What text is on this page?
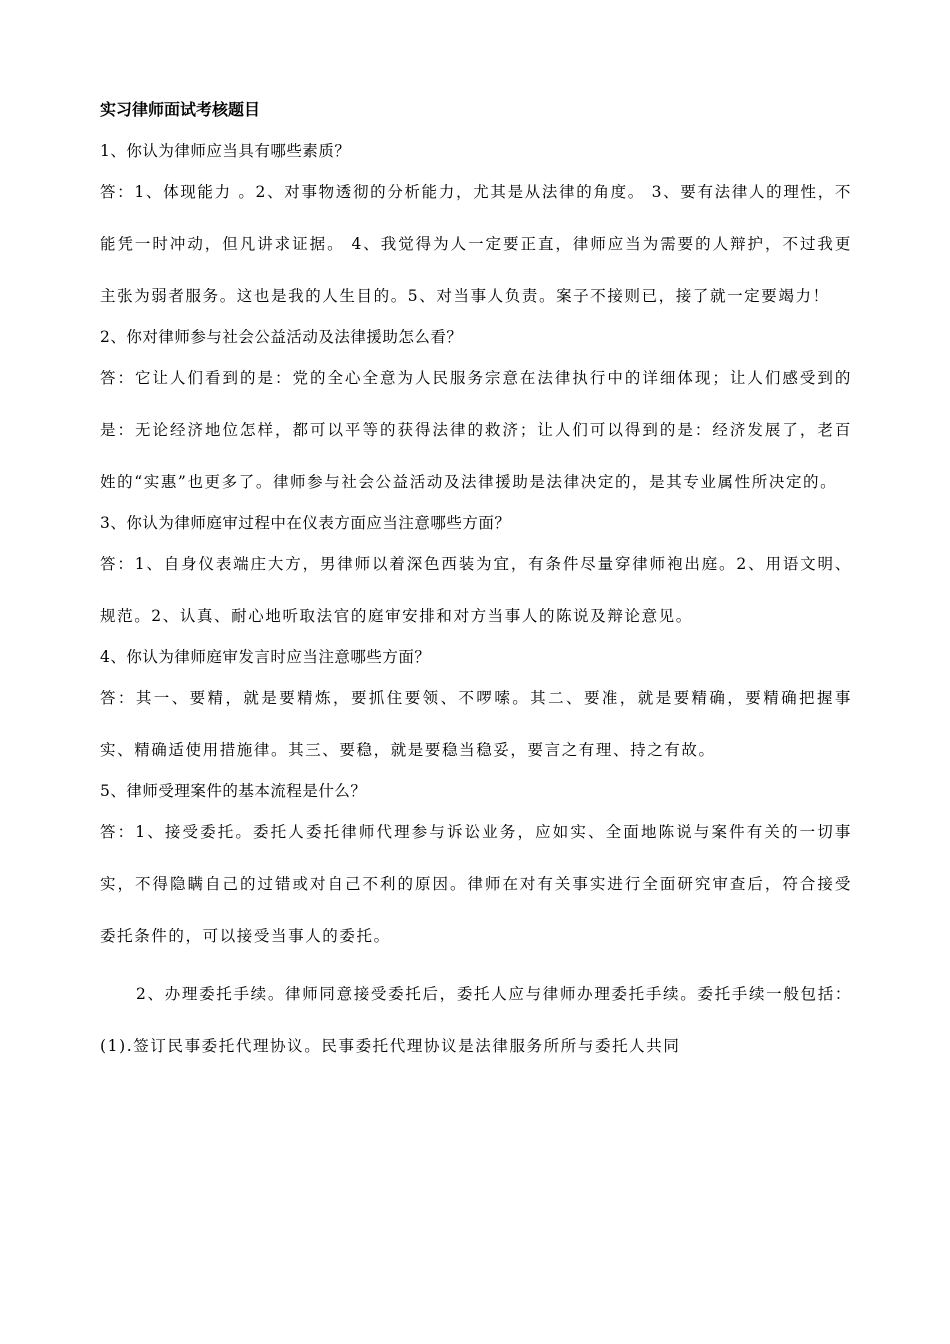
实习律师面试考核题目
1、你认为律师应当具有哪些素质？
答：1、体现能力 。2、对事物透彻的分析能力，尤其是从法律的角度。 3、要有法律人的理性，不能凭一时冲动，但凡讲求证据。 4、我觉得为人一定要正直，律师应当为需要的人辩护，不过我更主张为弱者服务。这也是我的人生目的。5、对当事人负责。案子不接则已，接了就一定要竭力！
2、你对律师参与社会公益活动及法律援助怎么看？
答：它让人们看到的是：党的全心全意为人民服务宗意在法律执行中的详细体现；让人们感受到的是：无论经济地位怎样，都可以平等的获得法律的救济；让人们可以得到的是：经济发展了，老百姓的“实惠”也更多了。律师参与社会公益活动及法律援助是法律决定的，是其专业属性所决定的。
3、你认为律师庭审过程中在仪表方面应当注意哪些方面？
答：1、自身仪表端庄大方，男律师以着深色西装为宜，有条件尽量穿律师袍出庭。2、用语文明、规范。2、认真、耐心地听取法官的庭审安排和对方当事人的陈说及辩论意见。
4、你认为律师庭审发言时应当注意哪些方面？
答：其一、要精，就是要精炼，要抓住要领、不啰嗦。其二、要准，就是要精确，要精确把握事实、精确适使用措施律。其三、要稳，就是要稳当稳妥，要言之有理、持之有故。
5、律师受理案件的基本流程是什么？
答：1、接受委托。委托人委托律师代理参与诉讼业务，应如实、全面地陈说与案件有关的一切事实，不得隐瞒自己的过错或对自己不利的原因。律师在对有关事实进行全面研究审查后，符合接受委托条件的，可以接受当事人的委托。
2、办理委托手续。律师同意接受委托后，委托人应与律师办理委托手续。委托手续一般包括：(1).签订民事委托代理协议。民事委托代理协议是法律服务所所与委托人共同
